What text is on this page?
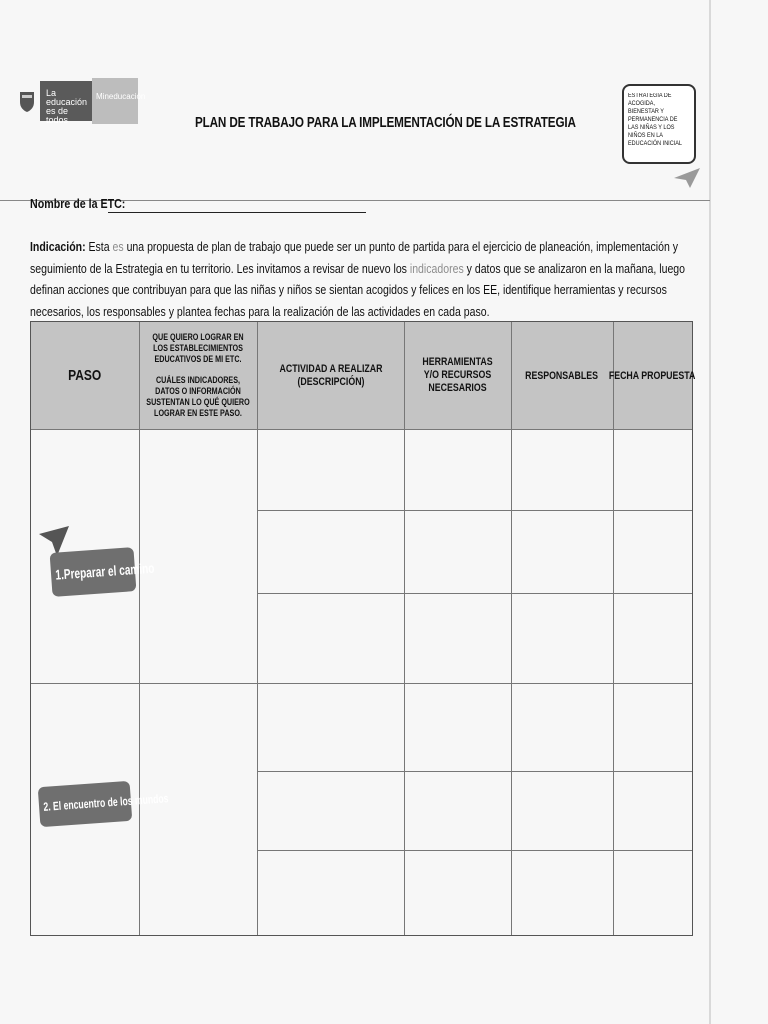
La educación
es de todos
Mineducación
PLAN DE TRABAJO PARA LA IMPLEMENTACIÓN DE LA ESTRATEGIA
ESTRATEGIA DE ACOGIDA, BIENESTAR Y PERMANENCIA DE LAS NIÑAS Y LOS NIÑOS EN LA EDUCACIÓN INICIAL
Nombre de la ETC:
Indicación: Esta es una propuesta de plan de trabajo que puede ser un punto de partida para el ejercicio de planeación, implementación y seguimiento de la Estrategia en tu territorio. Les invitamos a revisar de nuevo los indicadores y datos que se analizaron en la mañana, luego definan acciones que contribuyan para que las niñas y niños se sientan acogidos y felices en los EE, identifique herramientas y recursos necesarios, los responsables y plantea fechas para la realización de las actividades en cada paso.
PASO
QUE QUIERO LOGRAR EN LOS ESTABLECIMIENTOS EDUCATIVOS DE MI ETC.
CUÁLES INDICADORES, DATOS O INFORMACIÓN SUSTENTAN LO QUÉ QUIERO LOGRAR EN ESTE PASO.
ACTIVIDAD A REALIZAR (DESCRIPCIÓN)
HERRAMIENTAS Y/O RECURSOS NECESARIOS
RESPONSABLES FECHA PROPUESTA
1.Preparar el camino
2. El encuentro de los mundos
